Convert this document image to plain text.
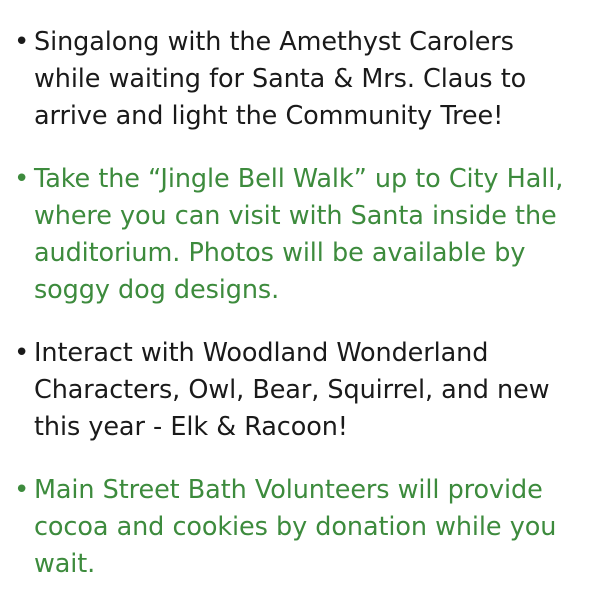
• Singalong with the Amethyst Carolers while waiting for Santa & Mrs. Claus to arrive and light the Community Tree!
• Take the “Jingle Bell Walk” up to City Hall, where you can visit with Santa inside the auditorium. Photos will be available by soggy dog designs.
• Interact with Woodland Wonderland Characters, Owl, Bear, Squirrel, and new this year - Elk & Racoon!
• Main Street Bath Volunteers will provide cocoa and cookies by donation while you wait.
